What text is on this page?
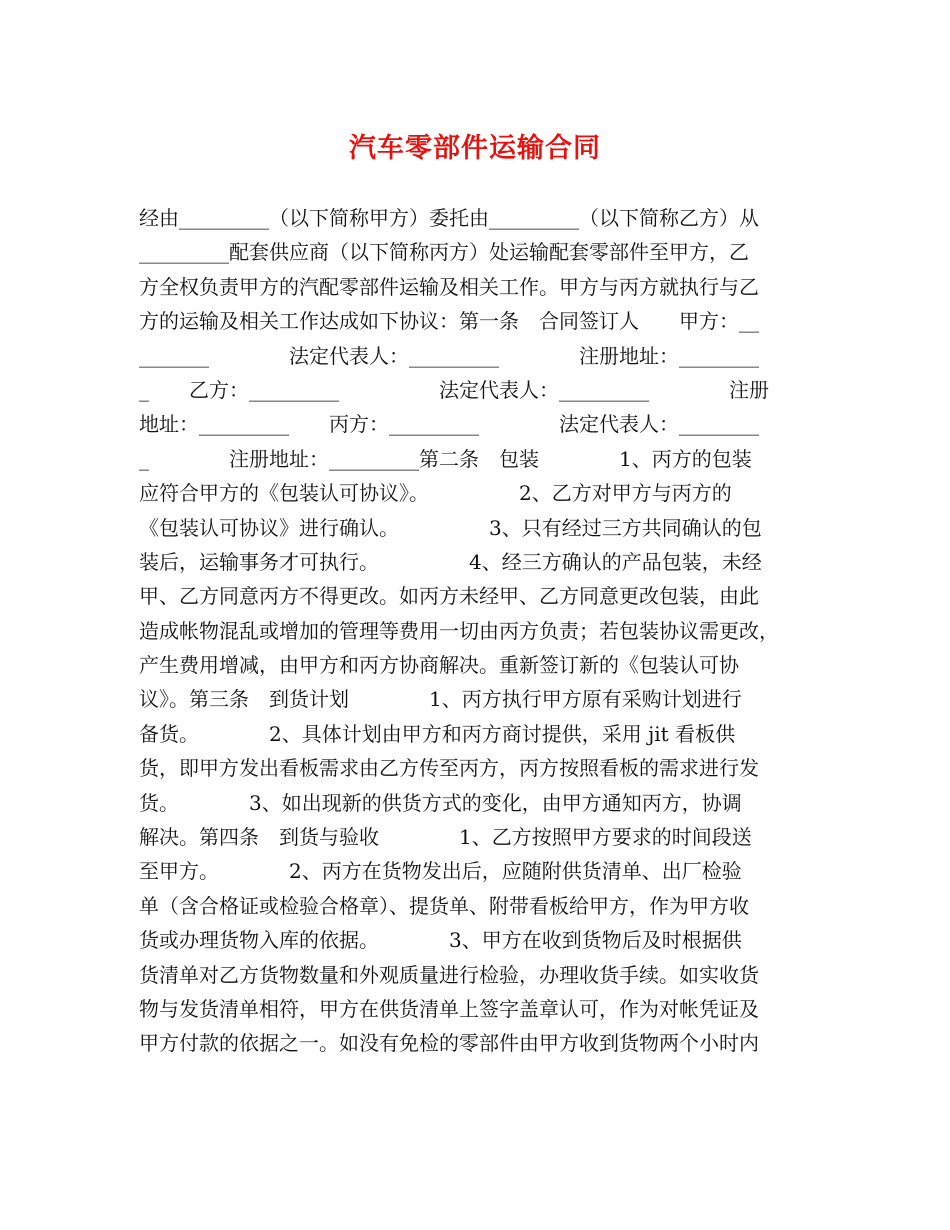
汽车零部件运输合同
经由_________（以下简称甲方）委托由_________（以下简称乙方）从
_________配套供应商（以下简称丙方）处运输配套零部件至甲方，乙
方全权负责甲方的汽配零部件运输及相关工作。甲方与丙方就执行与乙
方的运输及相关工作达成如下协议：第一条　合同签订人　　甲方：__
_______　　　　法定代表人：_________　　　　注册地址：________
_　　乙方：_________　　　　　法定代表人：_________　　　　注册
地址：_________　　丙方：_________　　　　法定代表人：________
_　　　　注册地址：_________第二条　包装　　　　1、丙方的包装
应符合甲方的《包装认可协议》。　　　　　2、乙方对甲方与丙方的
《包装认可协议》进行确认。　　　　　3、只有经过三方共同确认的包
装后，运输事务才可执行。　　　　　4、经三方确认的产品包装，未经
甲、乙方同意丙方不得更改。如丙方未经甲、乙方同意更改包装，由此
造成帐物混乱或增加的管理等费用一切由丙方负责；若包装协议需更改，
产生费用增减，由甲方和丙方协商解决。重新签订新的《包装认可协
议》。第三条　到货计划　　　　1、丙方执行甲方原有采购计划进行
备货。　　　　2、具体计划由甲方和丙方商讨提供，采用 jit 看板供
货，即甲方发出看板需求由乙方传至丙方，丙方按照看板的需求进行发
货。　　　　3、如出现新的供货方式的变化，由甲方通知丙方，协调
解决。第四条　到货与验收　　　　1、乙方按照甲方要求的时间段送
至甲方。　　　　2、丙方在货物发出后，应随附供货清单、出厂检验
单（含合格证或检验合格章）、提货单、附带看板给甲方，作为甲方收
货或办理货物入库的依据。　　　　3、甲方在收到货物后及时根据供
货清单对乙方货物数量和外观质量进行检验，办理收货手续。如实收货
物与发货清单相符，甲方在供货清单上签字盖章认可，作为对帐凭证及
甲方付款的依据之一。如没有免检的零部件由甲方收到货物两个小时内
